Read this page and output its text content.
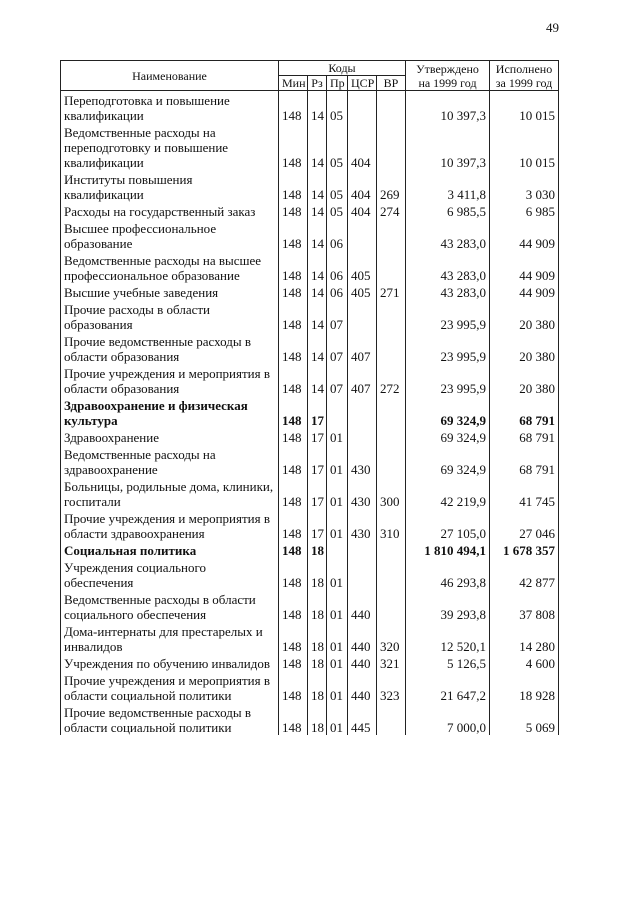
49
Наименование	Коды					Утверждено на 1999 год	Исполнено за 1999 год
	Мин	Рз	Пр	ЦСР	ВР		
Переподготовка и повышение квалификации	148	14	05			10 397,3	10 015
Ведомственные расходы на переподготовку и повышение квалификации	148	14	05	404		10 397,3	10 015
Институты повышения квалификации	148	14	05	404	269	3 411,8	3 030
Расходы на государственный заказ	148	14	05	404	274	6 985,5	6 985
Высшее профессиональное образование	148	14	06			43 283,0	44 909
Ведомственные расходы на высшее профессиональное образование	148	14	06	405		43 283,0	44 909
Высшие учебные заведения	148	14	06	405	271	43 283,0	44 909
Прочие расходы в области образования	148	14	07			23 995,9	20 380
Прочие ведомственные расходы в области образования	148	14	07	407		23 995,9	20 380
Прочие учреждения и мероприятия в области образования	148	14	07	407	272	23 995,9	20 380
Здравоохранение и физическая культура	148	17				69 324,9	68 791
Здравоохранение	148	17	01			69 324,9	68 791
Ведомственные расходы на здравоохранение	148	17	01	430		69 324,9	68 791
Больницы, родильные дома, клиники, госпитали	148	17	01	430	300	42 219,9	41 745
Прочие учреждения и мероприятия в области здравоохранения	148	17	01	430	310	27 105,0	27 046
Социальная политика	148	18				1 810 494,1	1 678 357
Учреждения социального обеспечения	148	18	01			46 293,8	42 877
Ведомственные расходы в области социального обеспечения	148	18	01	440		39 293,8	37 808
Дома-интернаты для престарелых и инвалидов	148	18	01	440	320	12 520,1	14 280
Учреждения по обучению инвалидов	148	18	01	440	321	5 126,5	4 600
Прочие учреждения и мероприятия в области социальной политики	148	18	01	440	323	21 647,2	18 928
Прочие ведомственные расходы в области социальной политики	148	18	01	445		7 000,0	5 069
